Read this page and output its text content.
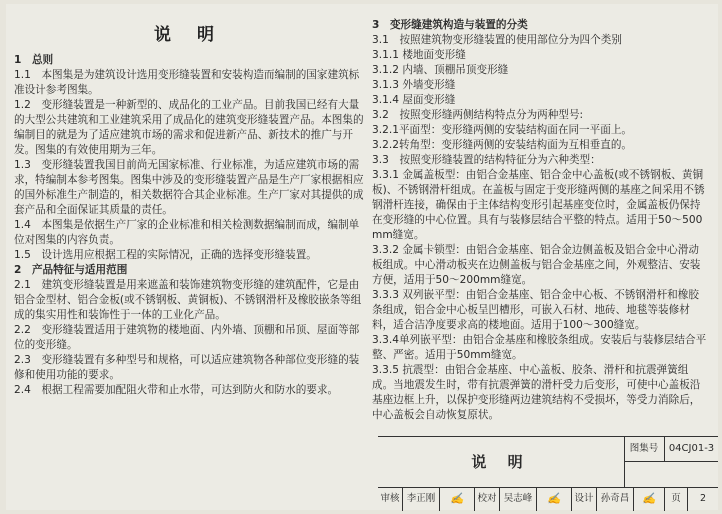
说 明
1　总则
1.1　本图集是为建筑设计选用变形缝装置和安装构造而编制的国家建筑标准设计参考图集。
1.2　变形缝装置是一种新型的、成品化的工业产品。目前我国已经有大量的大型公共建筑和工业建筑采用了成品化的建筑变形缝装置产品。本图集的编制目的就是为了适应建筑市场的需求和促进新产品、新技术的推广与开发。图集的有效使用期为三年。
1.3　变形缝装置我国目前尚无国家标准、行业标准，为适应建筑市场的需求，特编制本参考图集。图集中涉及的变形缝装置产品是生产厂家根据相应的国外标准生产制造的，相关数据符合其企业标准。生产厂家对其提供的成套产品和全面保证其质量的责任。
1.4　本图集是依据生产厂家的企业标准和相关检测数据编制而成，编制单位对图集的内容负责。
1.5　设计选用应根据工程的实际情况，正确的选择变形缝装置。
2　产品特征与适用范围
2.1　建筑变形缝装置是用来遮盖和装饰建筑物变形缝的建筑配件，它是由铝合金型材、铝合金板(或不锈钢板、黄铜板)、不锈钢滑杆及橡胶嵌条等组成的集实用性和装饰性于一体的工业化产品。
2.2　变形缝装置适用于建筑物的楼地面、内外墙、顶棚和吊顶、屋面等部位的变形缝。
2.3　变形缝装置有多种型号和规格，可以适应建筑物各种部位变形缝的装修和使用功能的要求。
2.4　根据工程需要加配阻火带和止水带，可达到防火和防水的要求。
3　变形缝建筑构造与装置的分类
3.1　按照建筑物变形缝装置的使用部位分为四个类别
3.1.1 楼地面变形缝
3.1.2 内墙、顶棚吊顶变形缝
3.1.3 外墙变形缝
3.1.4 屋面变形缝
3.2　按照变形缝两侧结构特点分为两种型号:
3.2.1平面型：变形缝两侧的安装结构面在同一平面上。
3.2.2转角型：变形缝两侧的安装结构面为互相垂直的。
3.3　按照变形缝装置的结构特征分为六种类型：
3.3.1 金属盖板型：由铝合金基座、铝合金中心盖板(或不锈钢板、黄铜板)、不锈钢滑杆组成。在盖板与固定于变形缝两侧的基座之间采用不锈钢滑杆连接，确保由于主体结构变形引起基座变位时，金属盖板仍保持在变形缝的中心位置。具有与装修层结合平整的特点。适用于50～500mm缝宽。
3.3.2 金属卡锁型：由铝合金基座、铝合金边侧盖板及铝合金中心滑动板组成。中心滑动板夹在边侧盖板与铝合金基座之间，外观整洁、安装方便，适用于50～200mm缝宽。
3.3.3 双列嵌平型：由铝合金基座、铝合金中心板、不锈钢滑杆和橡胶条组成，铝合金中心板呈凹槽形，可嵌入石材、地砖、地毯等装修材料，适合洁净度要求高的楼地面。适用于100～300缝宽。
3.3.4单列嵌平型：由铝合金基座和橡胶条组成。安装后与装修层结合平整、严密。适用于50mm缝宽。
3.3.5 抗震型：由铝合金基座、中心盖板、胶条、滑杆和抗震弹簧组成。当地震发生时，带有抗震弹簧的滑杆受力后变形，可使中心盖板沿基座边框上升，以保护变形缝两边建筑结构不受损坏，等受力消除后，中心盖板会自动恢复原状。
说 明
图集号	04CJ01-3
审核 李正刚	✍	校对 吴志峰	✍	设计 孙奇昌	✍	页	2
